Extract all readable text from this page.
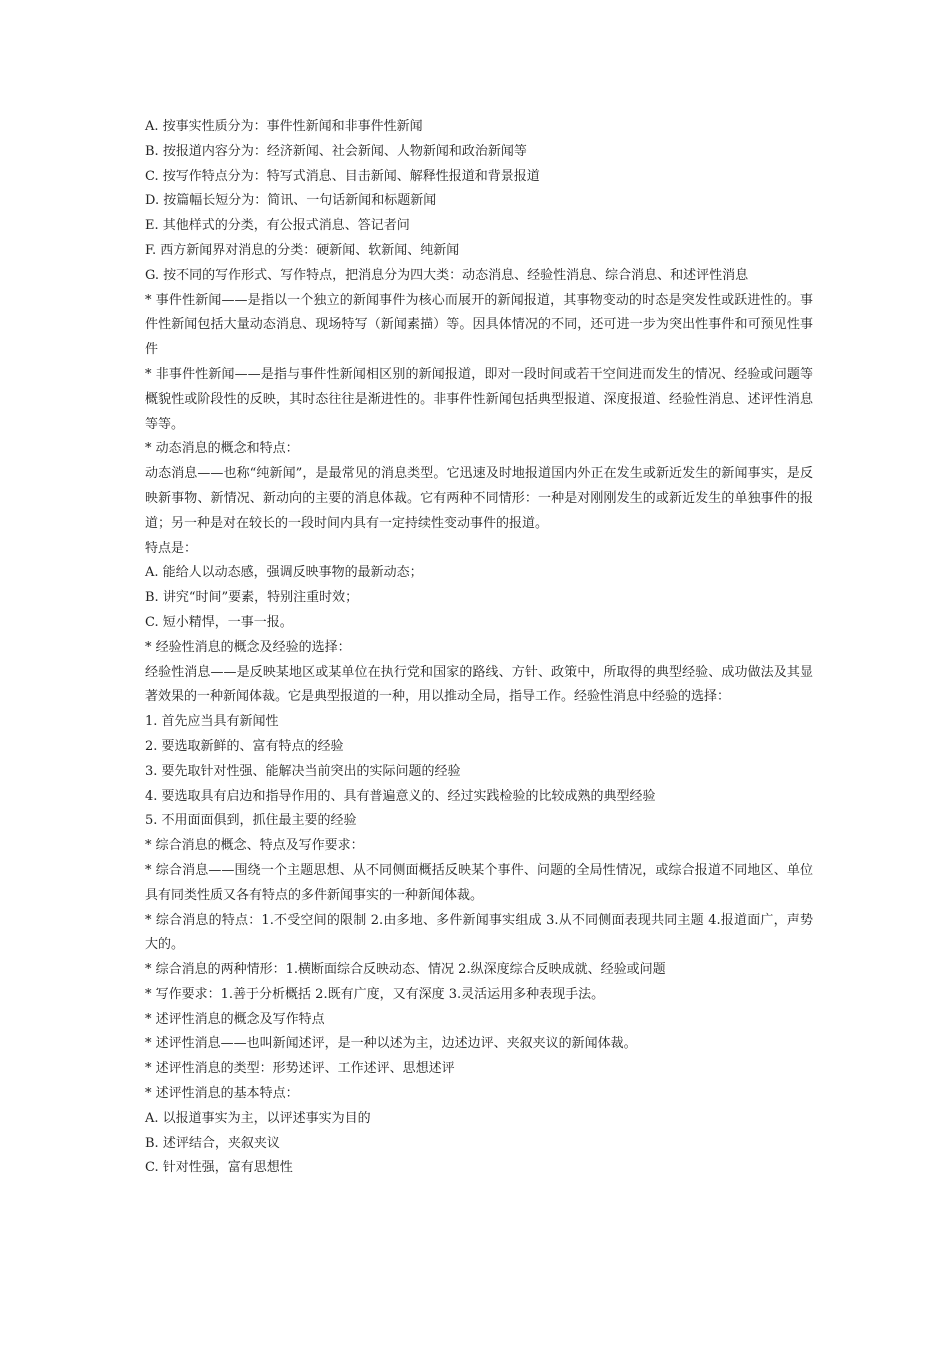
A. 按事实性质分为：事件性新闻和非事件性新闻

B. 按报道内容分为：经济新闻、社会新闻、人物新闻和政治新闻等

C. 按写作特点分为：特写式消息、目击新闻、解释性报道和背景报道

D. 按篇幅长短分为：简讯、一句话新闻和标题新闻

E. 其他样式的分类，有公报式消息、答记者问

F. 西方新闻界对消息的分类：硬新闻、软新闻、纯新闻

G. 按不同的写作形式、写作特点，把消息分为四大类：动态消息、经验性消息、综合消息、和述评性消息

* 事件性新闻——是指以一个独立的新闻事件为核心而展开的新闻报道，其事物变动的时态是突发性或跃进性的。事件性新闻包括大量动态消息、现场特写（新闻素描）等。因具体情况的不同，还可进一步为突出性事件和可预见性事件

* 非事件性新闻——是指与事件性新闻相区别的新闻报道，即对一段时间或若干空间进而发生的情况、经验或问题等概貌性或阶段性的反映，其时态往往是渐进性的。非事件性新闻包括典型报道、深度报道、经验性消息、述评性消息等等。

* 动态消息的概念和特点：

动态消息——也称“纯新闻”，是最常见的消息类型。它迅速及时地报道国内外正在发生或新近发生的新闻事实，是反映新事物、新情况、新动向的主要的消息体裁。它有两种不同情形：一种是对刚刚发生的或新近发生的单独事件的报道；另一种是对在较长的一段时间内具有一定持续性变动事件的报道。

特点是：

A. 能给人以动态感，强调反映事物的最新动态；

B. 讲究“时间”要素，特别注重时效；

C. 短小精悍，一事一报。

* 经验性消息的概念及经验的选择：

经验性消息——是反映某地区或某单位在执行党和国家的路线、方针、政策中，所取得的典型经验、成功做法及其显著效果的一种新闻体裁。它是典型报道的一种，用以推动全局，指导工作。经验性消息中经验的选择：

1. 首先应当具有新闻性

2. 要选取新鲜的、富有特点的经验

3. 要先取针对性强、能解决当前突出的实际问题的经验

4. 要选取具有启边和指导作用的、具有普遍意义的、经过实践检验的比较成熟的典型经验

5. 不用面面俱到，抓住最主要的经验

* 综合消息的概念、特点及写作要求：

* 综合消息——围绕一个主题思想、从不同侧面概括反映某个事件、问题的全局性情况，或综合报道不同地区、单位具有同类性质又各有特点的多件新闻事实的一种新闻体裁。

* 综合消息的特点：1.不受空间的限制 2.由多地、多件新闻事实组成 3.从不同侧面表现共同主题 4.报道面广，声势大的。

* 综合消息的两种情形：1.横断面综合反映动态、情况 2.纵深度综合反映成就、经验或问题

* 写作要求：1.善于分析概括 2.既有广度，又有深度 3.灵活运用多种表现手法。

* 述评性消息的概念及写作特点

* 述评性消息——也叫新闻述评，是一种以述为主，边述边评、夹叙夹议的新闻体裁。

* 述评性消息的类型：形势述评、工作述评、思想述评

* 述评性消息的基本特点：

A. 以报道事实为主，以评述事实为目的

B. 述评结合，夹叙夹议

C. 针对性强，富有思想性
